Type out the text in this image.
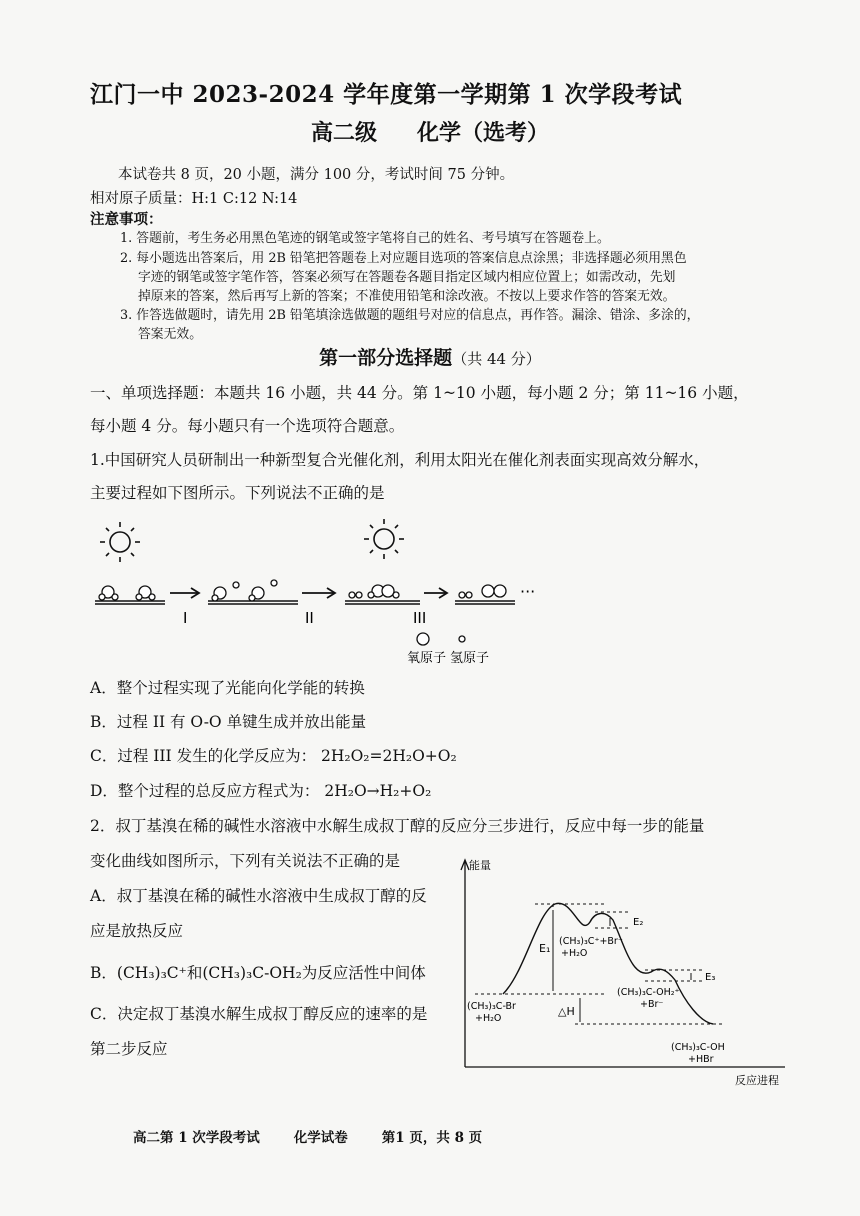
江门一中 2023-2024 学年度第一学期第 1 次学段考试
高二级 化学（选考）
本试卷共 8 页，20 小题，满分 100 分，考试时间 75 分钟。
相对原子质量：H:1 C:12 N:14
注意事项：
1. 答题前，考生务必用黑色笔迹的钢笔或签字笔将自己的姓名、考号填写在答题卷上。
2. 每小题选出答案后，用 2B 铅笔把答题卷上对应题目选项的答案信息点涂黑；非选择题必须用黑色
字迹的钢笔或签字笔作答，答案必须写在答题卷各题目指定区域内相应位置上；如需改动，先划
掉原来的答案，然后再写上新的答案；不准使用铅笔和涂改液。不按以上要求作答的答案无效。
3. 作答选做题时，请先用 2B 铅笔填涂选做题的题组号对应的信息点，再作答。漏涂、错涂、多涂的，
答案无效。
第一部分选择题（共 44 分）
一、单项选择题：本题共 16 小题，共 44 分。第 1~10 小题，每小题 2 分；第 11~16 小题，
每小题 4 分。每小题只有一个选项符合题意。
1.中国研究人员研制出一种新型复合光催化剂，利用太阳光在催化剂表面实现高效分解水，
主要过程如下图所示。下列说法不正确的是
···
I	II	III
氧原子 氢原子
A．整个过程实现了光能向化学能的转换
B．过程 II 有 O-O 单键生成并放出能量
C．过程 III 发生的化学反应为： 2H₂O₂=2H₂O+O₂
D．整个过程的总反应方程式为： 2H₂O→H₂+O₂
2．叔丁基溴在稀的碱性水溶液中水解生成叔丁醇的反应分三步进行，反应中每一步的能量
变化曲线如图所示，下列有关说法不正确的是
A．叔丁基溴在稀的碱性水溶液中生成叔丁醇的反
应是放热反应
B．(CH₃)₃C⁺和(CH₃)₃C-OH₂为反应活性中间体
C．决定叔丁基溴水解生成叔丁醇反应的速率的是
第二步反应
能量
反应进程
E₁
E₂
E₃
△H
(CH₃)₃C-Br
+H₂O
(CH₃)₃C⁺+Br⁻
+H₂O
(CH₃)₃C-OH₂⁺
+Br⁻
(CH₃)₃C-OH
+HBr
高二第 1 次学段考试	化学试卷	第1 页，共 8 页
